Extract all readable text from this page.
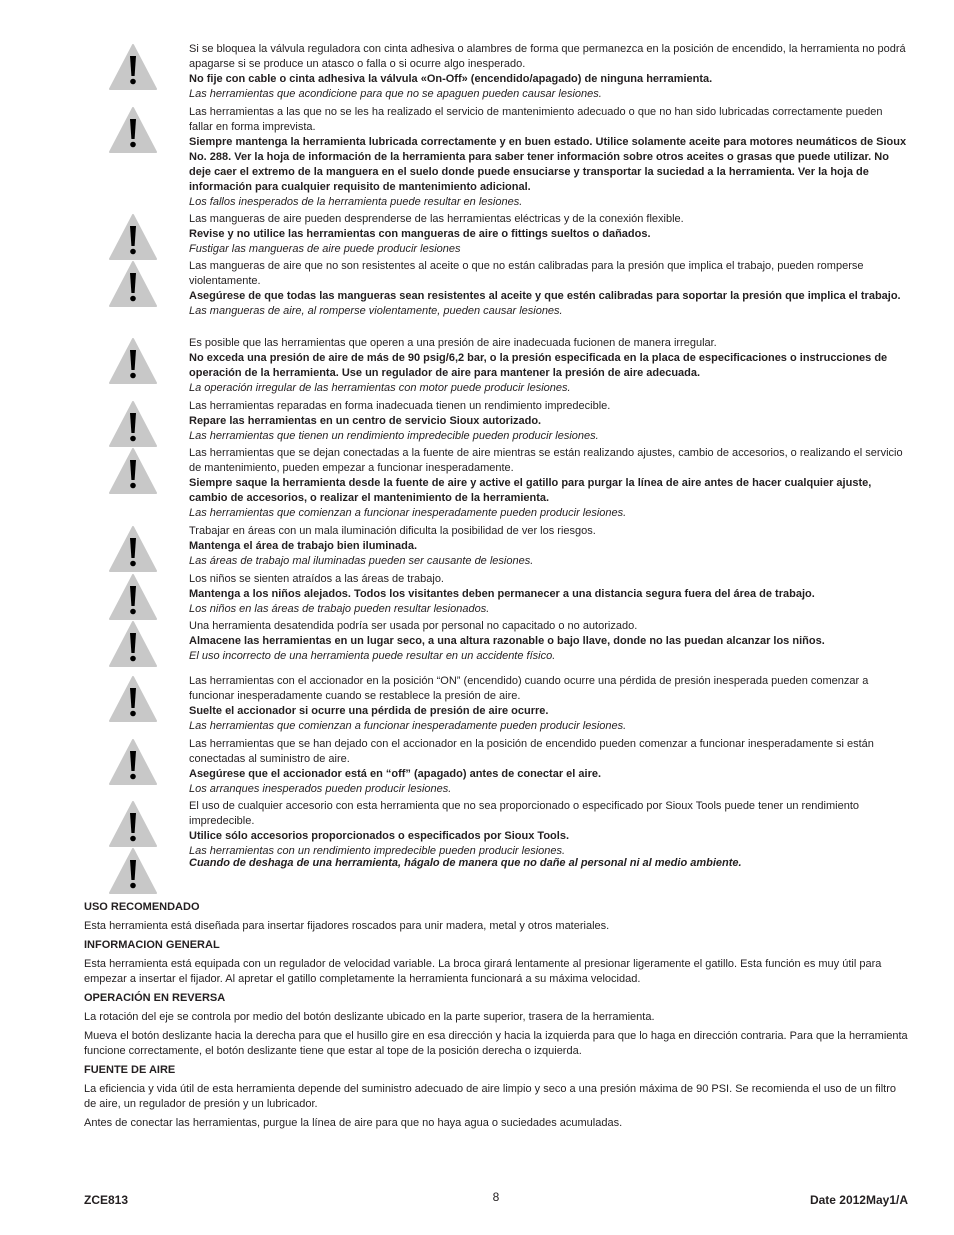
Si se bloquea la válvula reguladora con cinta adhesiva o alambres de forma que permanezca en la posición de encendido, la herramienta no podrá apagarse si se produce un atasco o falla o si ocurre algo inesperado.

No fije con cable o cinta adhesiva la válvula «On-Off» (encendido/apagado) de ninguna herramienta.

Las herramientas que acondicione para que no se apaguen pueden causar lesiones.

Las herramientas a las que no se les ha realizado el servicio de mantenimiento adecuado o que no han sido lubricadas correctamente pueden fallar en forma imprevista.

Siempre mantenga la herramienta lubricada correctamente y en buen estado. Utilice solamente aceite para motores neumáticos de Sioux No. 288. Ver la hoja de información de la herramienta para saber tener información sobre otros aceites o grasas que puede utilizar. No deje caer el extremo de la manguera en el suelo donde puede ensuciarse y transportar la suciedad a la herramienta. Ver la hoja de información para cualquier requisito de mantenimiento adicional.

Los fallos inesperados de la herramienta puede resultar en lesiones.

Las mangueras de aire pueden desprenderse de las herramientas eléctricas y de la conexión flexible.

Revise y no utilice las herramientas con mangueras de aire o fittings sueltos o dañados.

Fustigar las mangueras de aire puede producir lesiones

Las mangueras de aire que no son resistentes al aceite o que no están calibradas para la presión que implica el trabajo, pueden romperse violentamente.

Asegúrese de que todas las mangueras sean resistentes al aceite y que estén calibradas para soportar la presión que implica el trabajo.

Las mangueras de aire, al romperse violentamente, pueden causar lesiones.

Es posible que las herramientas que operen a una presión de aire inadecuada fucionen de manera irregular.

No exceda una presión de aire de más de 90 psig/6,2 bar, o la presión especificada en la placa de especificaciones o instrucciones de operación de la herramienta. Use un regulador de aire para mantener la presión de aire adecuada.

La operación irregular de las herramientas con motor puede producir lesiones.

Las herramientas reparadas en forma inadecuada tienen un rendimiento impredecible.

Repare las herramientas en un centro de servicio Sioux autorizado.

Las herramientas que tienen un rendimiento impredecible pueden producir lesiones.

Las herramientas que se dejan conectadas a la fuente de aire mientras se están realizando ajustes, cambio de accesorios, o realizando el servicio de mantenimiento, pueden empezar a funcionar inesperadamente.

Siempre saque la herramienta desde la fuente de aire y active el gatillo para purgar la línea de aire antes de hacer cualquier ajuste, cambio de accesorios, o realizar el mantenimiento de la herramienta.

Las herramientas que comienzan a funcionar inesperadamente pueden producir lesiones.

Trabajar en áreas con un mala iluminación dificulta la posibilidad de ver los riesgos.

Mantenga el área de trabajo bien iluminada.

Las áreas de trabajo mal iluminadas pueden ser causante de lesiones.

Los niños se sienten atraídos a las áreas de trabajo.

Mantenga a los niños alejados. Todos los visitantes deben permanecer a una distancia segura fuera del área de trabajo.

Los niños en las áreas de trabajo pueden resultar lesionados.

Una herramienta desatendida podría ser usada por personal no capacitado o no autorizado.

Almacene las herramientas en un lugar seco, a una altura razonable o bajo llave, donde no las puedan alcanzar los niños.

El uso incorrecto de una herramienta puede resultar en un accidente físico.

Las herramientas con el accionador en la posición “ON” (encendido) cuando ocurre una pérdida de presión inesperada pueden comenzar a funcionar inesperadamente cuando se restablece la presión de aire.

Suelte el accionador si ocurre una pérdida de presión de aire ocurre.

Las herramientas que comienzan a funcionar inesperadamente pueden producir lesiones.

Las herramientas que se han dejado con el accionador en la posición de encendido pueden comenzar a funcionar inesperadamente si están conectadas al suministro de aire.

Asegúrese que el accionador está en “off” (apagado) antes de conectar el aire.

Los arranques inesperados pueden producir lesiones.

El uso de cualquier accesorio con esta herramienta que no sea proporcionado o especificado por Sioux Tools puede tener un rendimiento impredecible.

Utilice sólo accesorios proporcionados o especificados por Sioux Tools.

Las herramientas con un rendimiento impredecible pueden producir lesiones.

Cuando de deshaga de una herramienta, hágalo de manera que no dañe al personal ni al medio ambiente.

USO RECOMENDADO

Esta herramienta está diseñada para insertar fijadores roscados para unir madera, metal y otros materiales.

INFORMACION GENERAL

Esta herramienta está equipada con un regulador de velocidad variable. La broca girará lentamente al presionar ligeramente el gatillo. Esta función es muy útil para empezar a insertar el fijador. Al apretar el gatillo completamente la herramienta funcionará a su máxima velocidad.

OPERACIÓN EN REVERSA

La rotación del eje se controla por medio del botón deslizante ubicado en la parte superior, trasera de la herramienta.

Mueva el botón deslizante hacia la derecha para que el husillo gire en esa dirección y hacia la izquierda para que lo haga en dirección contraria. Para que la herramienta funcione correctamente, el botón deslizante tiene que estar al tope de la posición derecha o izquierda.

FUENTE DE AIRE

La eficiencia y vida útil de esta herramienta depende del suministro adecuado de aire limpio y seco a una presión máxima de 90 PSI. Se recomienda el uso de un filtro de aire, un regulador de presión y un lubricador.

Antes de conectar las herramientas, purgue la línea de aire para que no haya agua o suciedades acumuladas.

ZCE813	8	Date 2012May1/A
